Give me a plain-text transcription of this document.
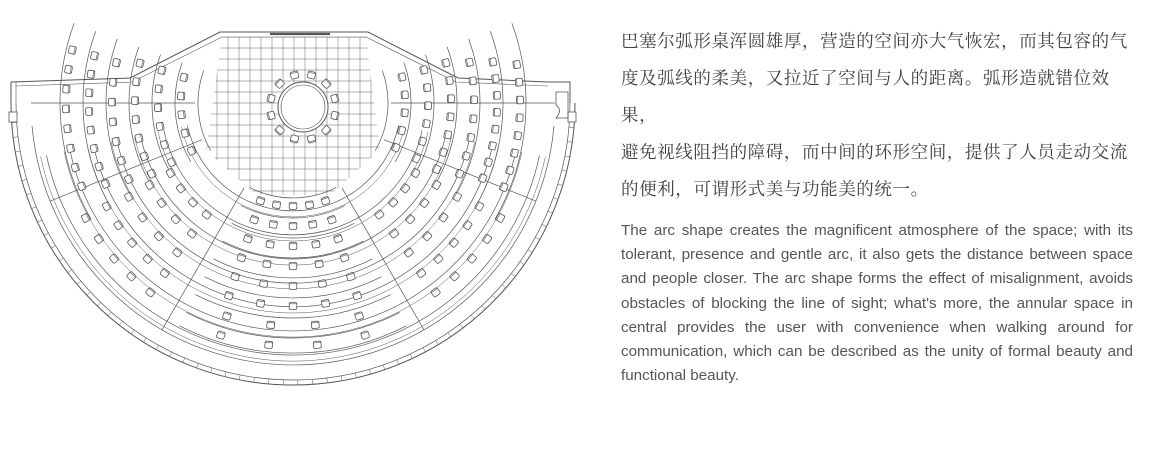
巴塞尔弧形桌浑圆雄厚，营造的空间亦大气恢宏，而其包容的气
度及弧线的柔美，又拉近了空间与人的距离。弧形造就错位效果，
避免视线阻挡的障碍，而中间的环形空间，提供了人员走动交流
的便利，可谓形式美与功能美的统一。

The arc shape creates the magnificent atmosphere of the space; with its tolerant, presence and gentle arc, it also gets the distance between space and people closer. The arc shape forms the effect of misalignment, avoids obstacles of blocking the line of sight; what's more, the annular space in central provides the user with convenience when walking around for communication, which can be described as the unity of formal beauty and functional beauty.
